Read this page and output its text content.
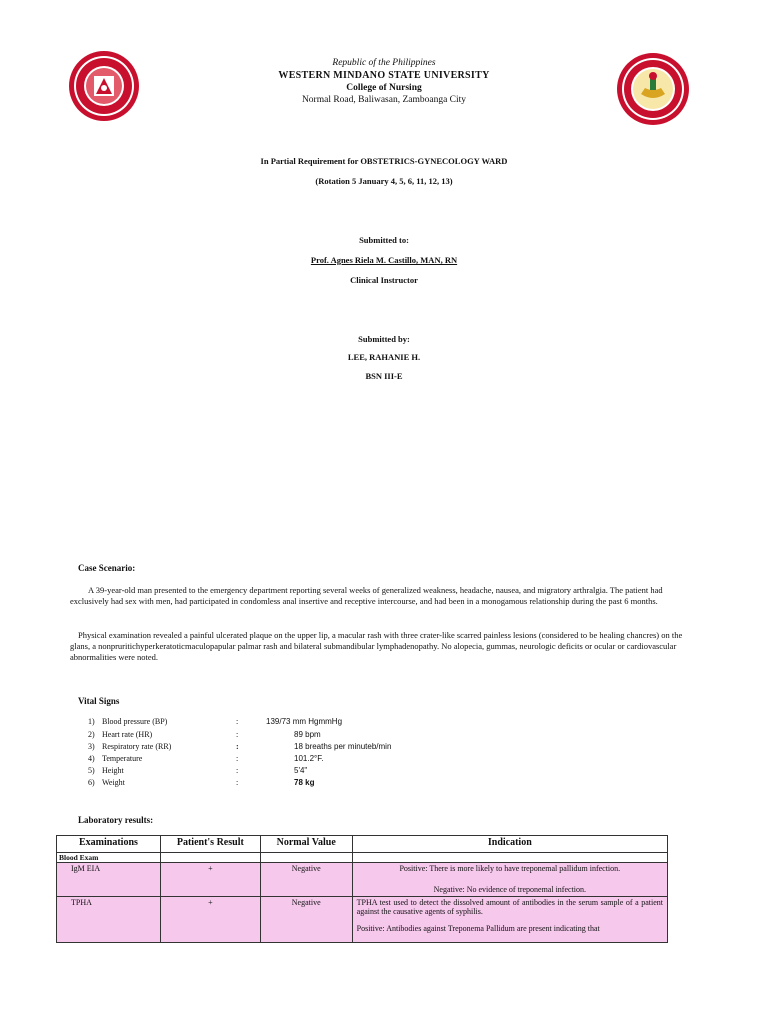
Republic of the Philippines
WESTERN MINDANO STATE UNIVERSITY
College of Nursing
Normal Road, Baliwasan, Zamboanga City
In Partial Requirement for OBSTETRICS-GYNECOLOGY WARD
(Rotation 5 January 4, 5, 6, 11, 12, 13)
Submitted to:
Prof. Agnes Riela M. Castillo, MAN, RN
Clinical Instructor
Submitted by:
LEE, RAHANIE H.
BSN III-E
Case Scenario:
A 39-year-old man presented to the emergency department reporting several weeks of generalized weakness, headache, nausea, and migratory arthralgia. The patient had exclusively had sex with men, had participated in condomless anal insertive and receptive intercourse, and had been in a monogamous relationship during the past 6 months.
Physical examination revealed a painful ulcerated plaque on the upper lip, a macular rash with three crater-like scarred painless lesions (considered to be healing chancres) on the glans, a nonpruritichyperkeratoticmaculopapular palmar rash and bilateral submandibular lymphadenopathy. No alopecia, gummas, neurologic deficits or ocular or cardiovascular abnormalities were noted.
Vital Signs
1) Blood pressure (BP)	:	139/73 mm HgmmHg
2) Heart rate (HR)	:	89 bpm
3) Respiratory rate (RR)	:	18 breaths per minuteb/min
4) Temperature	:	101.2°F.
5) Height	:	5'4"
6) Weight	:	78 kg
Laboratory results:
Examinations	Patient's Result	Normal Value	Indication
Blood Exam			
IgM EIA	+	Negative	Positive: There is more likely to have treponemal pallidum infection.
Negative: No evidence of treponemal infection.

TPHA	+	Negative	TPHA test used to detect the dissolved amount of antibodies in the serum sample of a patient against the causative agents of syphilis.
Positive: Antibodies against Treponema Pallidum are present indicating that
